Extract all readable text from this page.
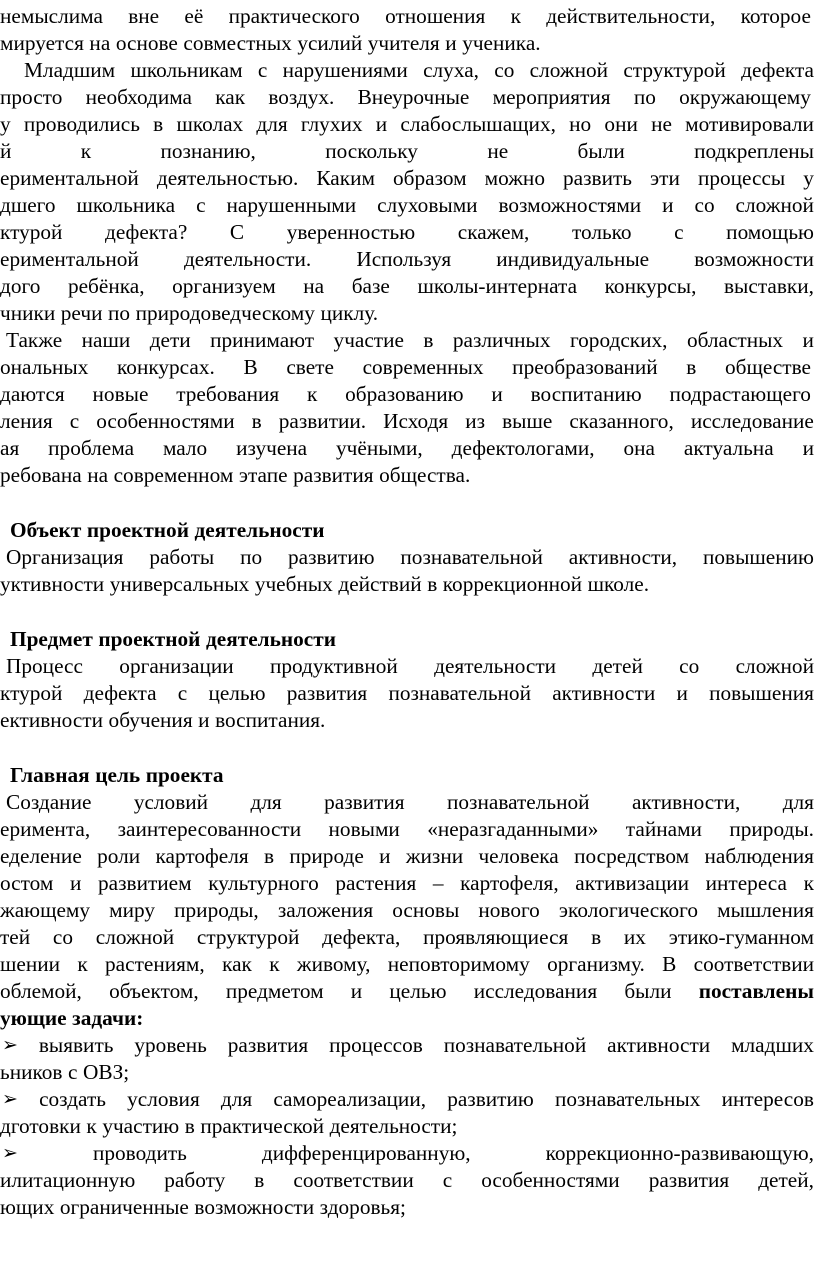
немыслима вне её практического отношения к действительности, которое
мируется на основе совместных усилий учителя и ученика.
Младшим школьникам с нарушениями слуха, со сложной структурой дефекта
просто необходима как воздух. Внеурочные мероприятия по окружающему
у проводились в школах для глухих и слабослышащих, но они не мотивировали
й	к	познанию,	поскольку	не	были	подкреплены
ериментальной деятельностью. Каким образом можно развить эти процессы у
дшего школьника с нарушенными слуховыми возможностями и со сложной
ктурой дефекта? С уверенностью скажем, только с помощью
ериментальной деятельности. Используя индивидуальные возможности
дого ребёнка, организуем на базе школы-интерната конкурсы, выставки,
чники речи по природоведческому циклу.
Также наши дети принимают участие в различных городских, областных и
ональных конкурсах. В свете современных преобразований в обществе
даются новые требования к образованию и воспитанию подрастающего
ления с особенностями в развитии. Исходя из выше сказанного, исследование
ая проблема мало изучена учёными, дефектологами, она актуальна и
ребована на современном этапе развития общества.
Объект проектной деятельности
Организация работы по развитию познавательной активности, повышению
уктивности универсальных учебных действий в коррекционной школе.
Предмет проектной деятельности
Процесс организации продуктивной деятельности детей со сложной
ктурой дефекта с целью развития познавательной активности и повышения
ективности обучения и воспитания.
Главная цель проекта
Создание условий для развития познавательной активности, для
еримента, заинтересованности новыми «неразгаданными» тайнами природы.
еделение роли картофеля в природе и жизни человека посредством наблюдения
остом и развитием культурного растения – картофеля, активизации интереса к
жающему миру природы, заложения основы нового экологического мышления
тей со сложной структурой дефекта, проявляющиеся в их этико-гуманном
шении к растениям, как к живому, неповторимому организму. В соответствии
облемой, объектом, предметом и целью исследования были поставлены
ующие задачи:
➢ выявить уровень развития процессов познавательной активности младших
ьников с ОВЗ;
➢ создать условия для самореализации, развитию познавательных интересов
дготовки к участию в практической деятельности;
➢	проводить	дифференцированную,	коррекционно-развивающую,
илитационную работу в соответствии с особенностями развития детей,
ющих ограниченные возможности здоровья;
